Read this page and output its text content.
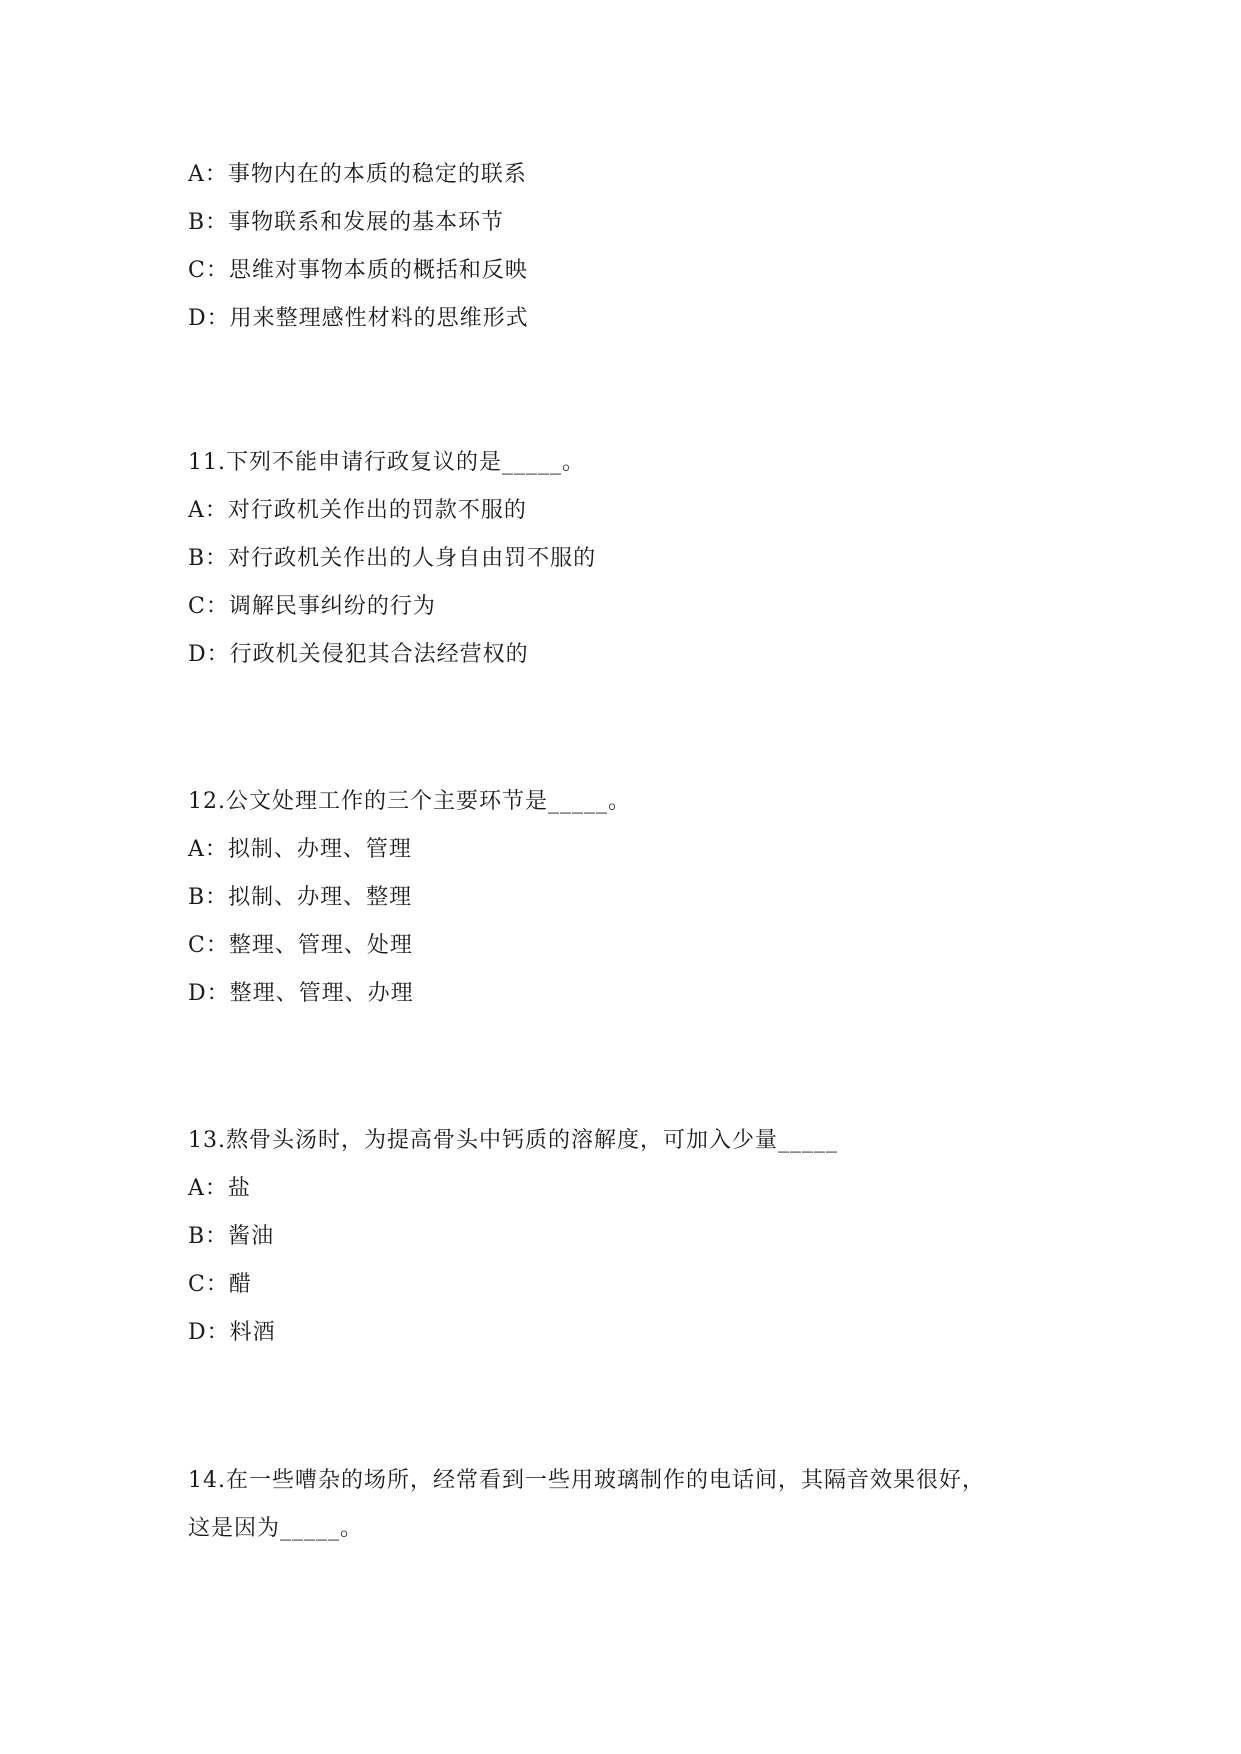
A：事物内在的本质的稳定的联系
B：事物联系和发展的基本环节
C：思维对事物本质的概括和反映
D：用来整理感性材料的思维形式
11.下列不能申请行政复议的是_____。
A：对行政机关作出的罚款不服的
B：对行政机关作出的人身自由罚不服的
C：调解民事纠纷的行为
D：行政机关侵犯其合法经营权的
12.公文处理工作的三个主要环节是_____。
A：拟制、办理、管理
B：拟制、办理、整理
C：整理、管理、处理
D：整理、管理、办理
13.熬骨头汤时，为提高骨头中钙质的溶解度，可加入少量_____
A：盐
B：酱油
C：醋
D：料酒
14.在一些嘈杂的场所，经常看到一些用玻璃制作的电话间，其隔音效果很好，
这是因为_____。
